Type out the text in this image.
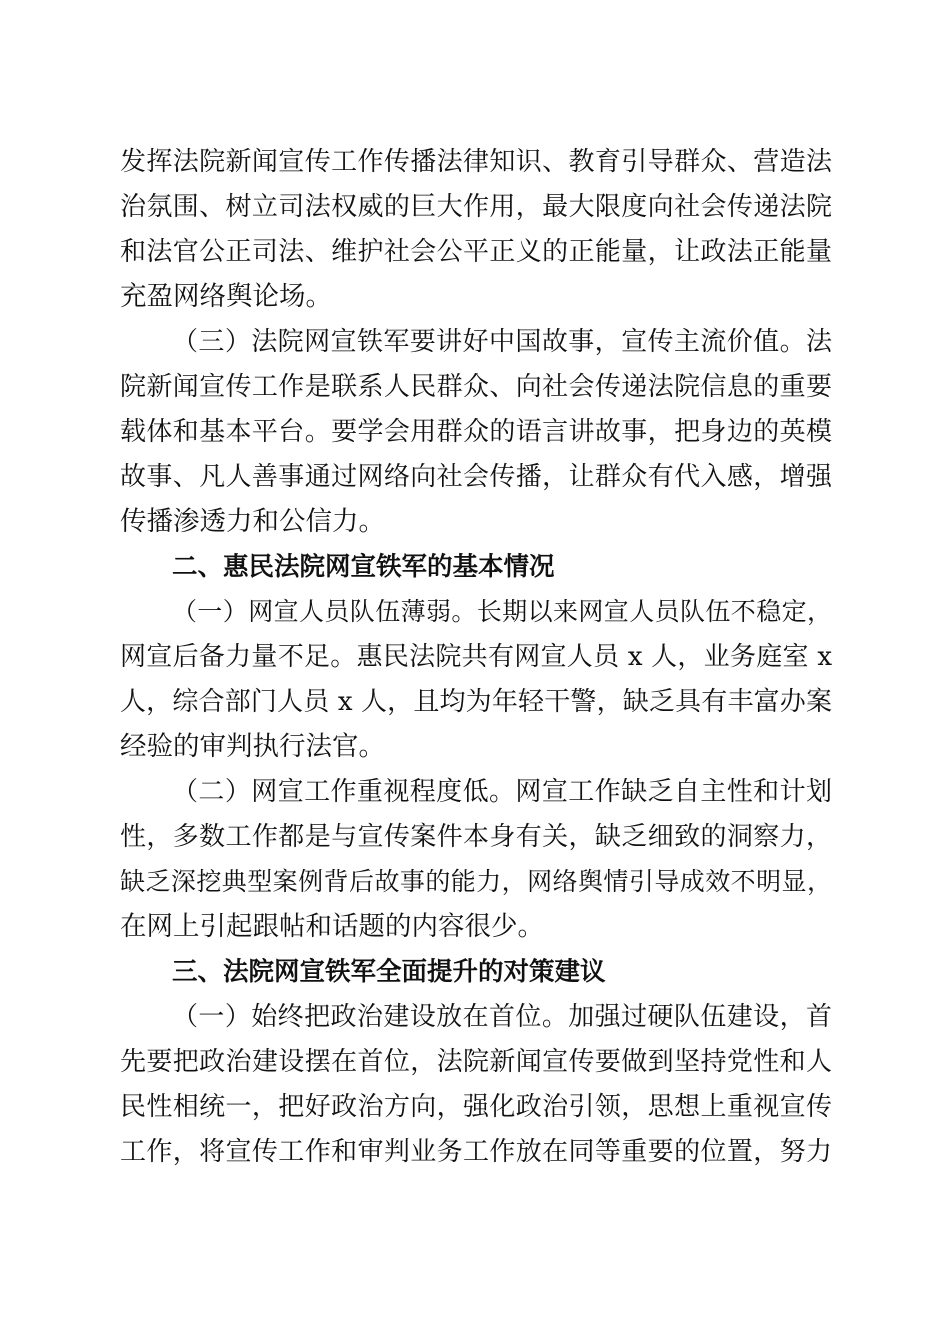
发挥法院新闻宣传工作传播法律知识、教育引导群众、营造法
治氛围、树立司法权威的巨大作用，最大限度向社会传递法院
和法官公正司法、维护社会公平正义的正能量，让政法正能量
充盈网络舆论场。
（三）法院网宣铁军要讲好中国故事，宣传主流价值。法
院新闻宣传工作是联系人民群众、向社会传递法院信息的重要
载体和基本平台。要学会用群众的语言讲故事，把身边的英模
故事、凡人善事通过网络向社会传播，让群众有代入感，增强
传播渗透力和公信力。
二、惠民法院网宣铁军的基本情况
（一）网宣人员队伍薄弱。长期以来网宣人员队伍不稳定，
网宣后备力量不足。惠民法院共有网宣人员 x 人，业务庭室 x
人，综合部门人员 x 人，且均为年轻干警，缺乏具有丰富办案
经验的审判执行法官。
（二）网宣工作重视程度低。网宣工作缺乏自主性和计划
性，多数工作都是与宣传案件本身有关，缺乏细致的洞察力，
缺乏深挖典型案例背后故事的能力，网络舆情引导成效不明显，
在网上引起跟帖和话题的内容很少。
三、法院网宣铁军全面提升的对策建议
（一）始终把政治建设放在首位。加强过硬队伍建设，首
先要把政治建设摆在首位，法院新闻宣传要做到坚持党性和人
民性相统一，把好政治方向，强化政治引领，思想上重视宣传
工作，将宣传工作和审判业务工作放在同等重要的位置，努力
